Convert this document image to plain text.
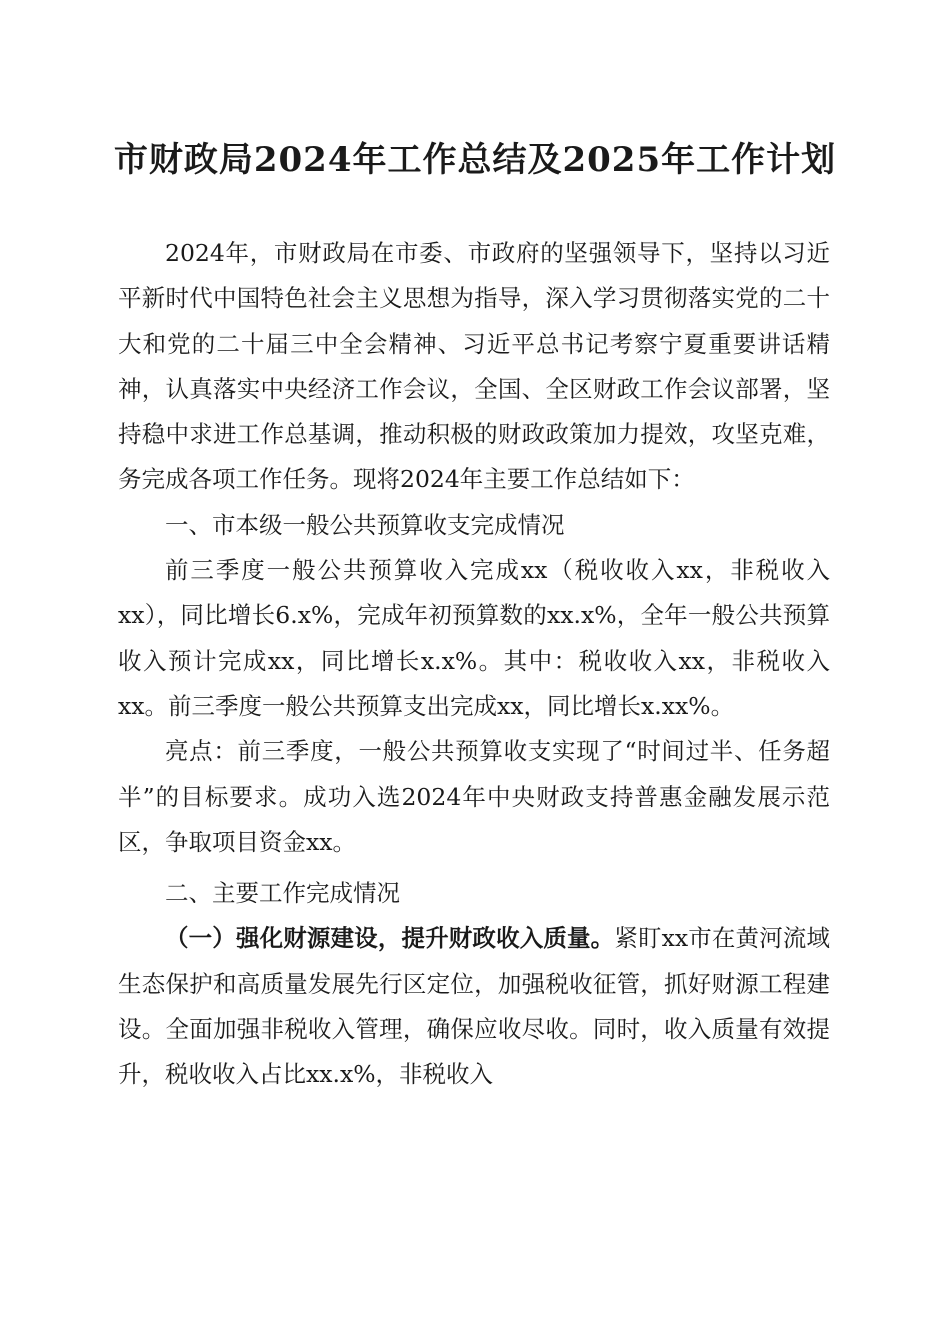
市财政局2024年工作总结及2025年工作计划

2024年，市财政局在市委、市政府的坚强领导下，坚持以习近平新时代中国特色社会主义思想为指导，深入学习贯彻落实党的二十大和党的二十届三中全会精神、习近平总书记考察宁夏重要讲话精神，认真落实中央经济工作会议，全国、全区财政工作会议部署，坚持稳中求进工作总基调，推动积极的财政政策加力提效，攻坚克难，务完成各项工作任务。现将2024年主要工作总结如下：

一、市本级一般公共预算收支完成情况

前三季度一般公共预算收入完成xx（税收收入xx，非税收入xx），同比增长6.x%，完成年初预算数的xx.x%，全年一般公共预算收入预计完成xx，同比增长x.x%。其中：税收收入xx，非税收入xx。前三季度一般公共预算支出完成xx，同比增长x.xx%。

亮点：前三季度，一般公共预算收支实现了“时间过半、任务超半”的目标要求。成功入选2024年中央财政支持普惠金融发展示范区，争取项目资金xx。

二、主要工作完成情况

（一）强化财源建设，提升财政收入质量。紧盯xx市在黄河流域生态保护和高质量发展先行区定位，加强税收征管，抓好财源工程建设。全面加强非税收入管理，确保应收尽收。同时，收入质量有效提升，税收收入占比xx.x%，非税收入
